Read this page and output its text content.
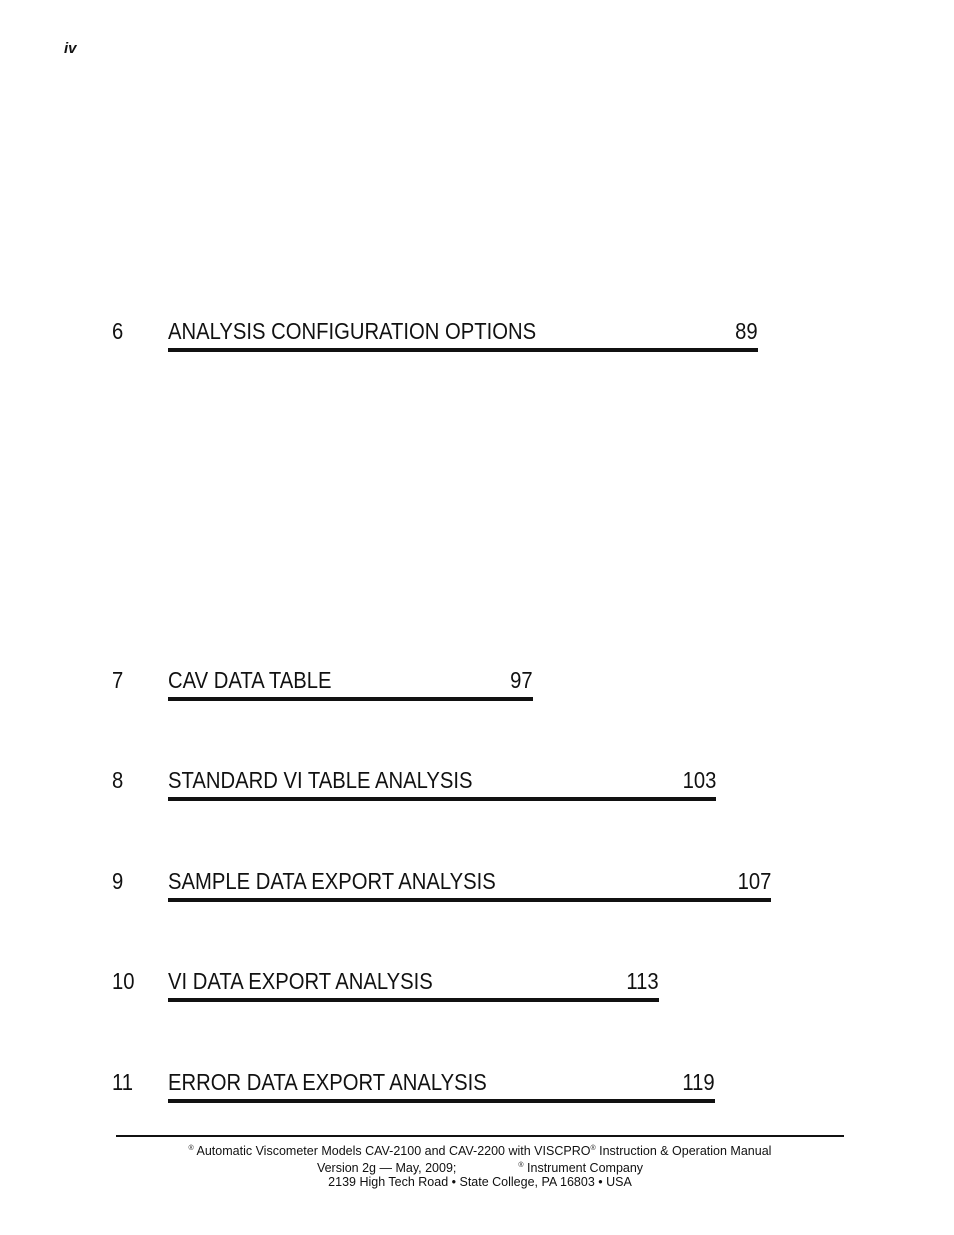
iv
6 ANALYSIS CONFIGURATION OPTIONS	89
7 CAV DATA TABLE	97
8 STANDARD VI TABLE ANALYSIS	103
9 SAMPLE DATA EXPORT ANALYSIS	107
10 VI DATA EXPORT ANALYSIS	113
11 ERROR DATA EXPORT ANALYSIS	119
® Automatic Viscometer Models CAV-2100 and CAV-2200 with VISCPRO® Instruction & Operation Manual
Version 2g — May, 2009;	® Instrument Company
2139 High Tech Road • State College, PA 16803 • USA
